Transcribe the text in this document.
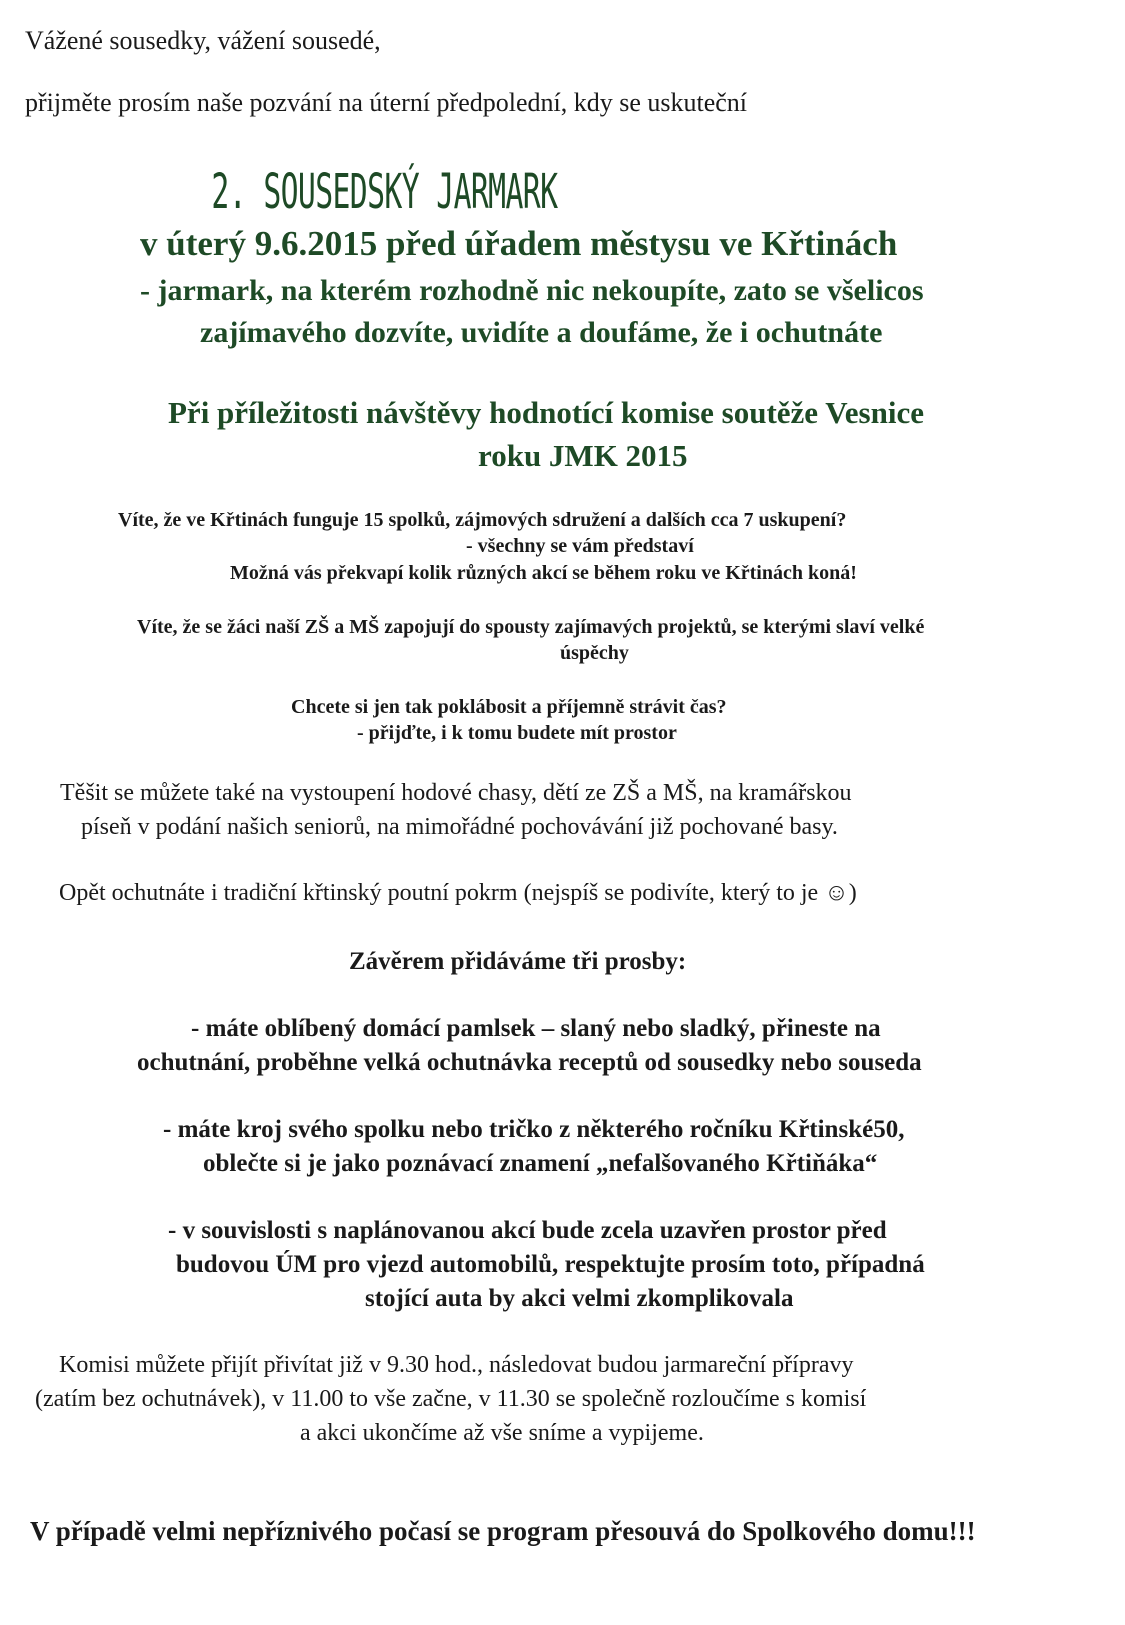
Vážené sousedky, vážení sousedé,
přijměte prosím naše pozvání na úterní předpolední, kdy se uskuteční
2. SOUSEDSKÝ JARMARK
v úterý 9.6.2015 před úřadem městysu ve Křtinách
- jarmark, na kterém rozhodně nic nekoupíte, zato se všelicos
zajímavého dozvíte, uvidíte a doufáme, že i ochutnáte
Při příležitosti návštěvy hodnotící komise soutěže Vesnice
roku JMK 2015
Víte, že ve Křtinách funguje 15 spolků, zájmových sdružení a dalších cca 7 uskupení?
- všechny se vám představí
Možná vás překvapí kolik různých akcí se během roku ve Křtinách koná!
Víte, že se žáci naší ZŠ a MŠ zapojují do spousty zajímavých projektů, se kterými slaví velké
úspěchy
Chcete si jen tak poklábosit a příjemně strávit čas?
- přijďte, i k tomu budete mít prostor
Těšit se můžete také na vystoupení hodové chasy, dětí ze ZŠ a MŠ, na kramářskou
píseň v podání našich seniorů, na mimořádné pochovávání již pochované basy.
Opět ochutnáte i tradiční křtinský poutní pokrm (nejspíš se podivíte, který to je ☺)
Závěrem přidáváme tři prosby:
- máte oblíbený domácí pamlsek – slaný nebo sladký, přineste na
ochutnání, proběhne velká ochutnávka receptů od sousedky nebo souseda
- máte kroj svého spolku nebo tričko z některého ročníku Křtinské50,
oblečte si je jako poznávací znamení „nefalšovaného Křtiňáka“
- v souvislosti s naplánovanou akcí bude zcela uzavřen prostor před
budovou ÚM pro vjezd automobilů, respektujte prosím toto, případná
stojící auta by akci velmi zkomplikovala
Komisi můžete přijít přivítat již v 9.30 hod., následovat budou jarmareční přípravy
(zatím bez ochutnávek), v 11.00 to vše začne, v 11.30 se společně rozloučíme s komisí
a akci ukončíme až vše sníme a vypijeme.
V případě velmi nepříznivého počasí se program přesouvá do Spolkového domu!!!
